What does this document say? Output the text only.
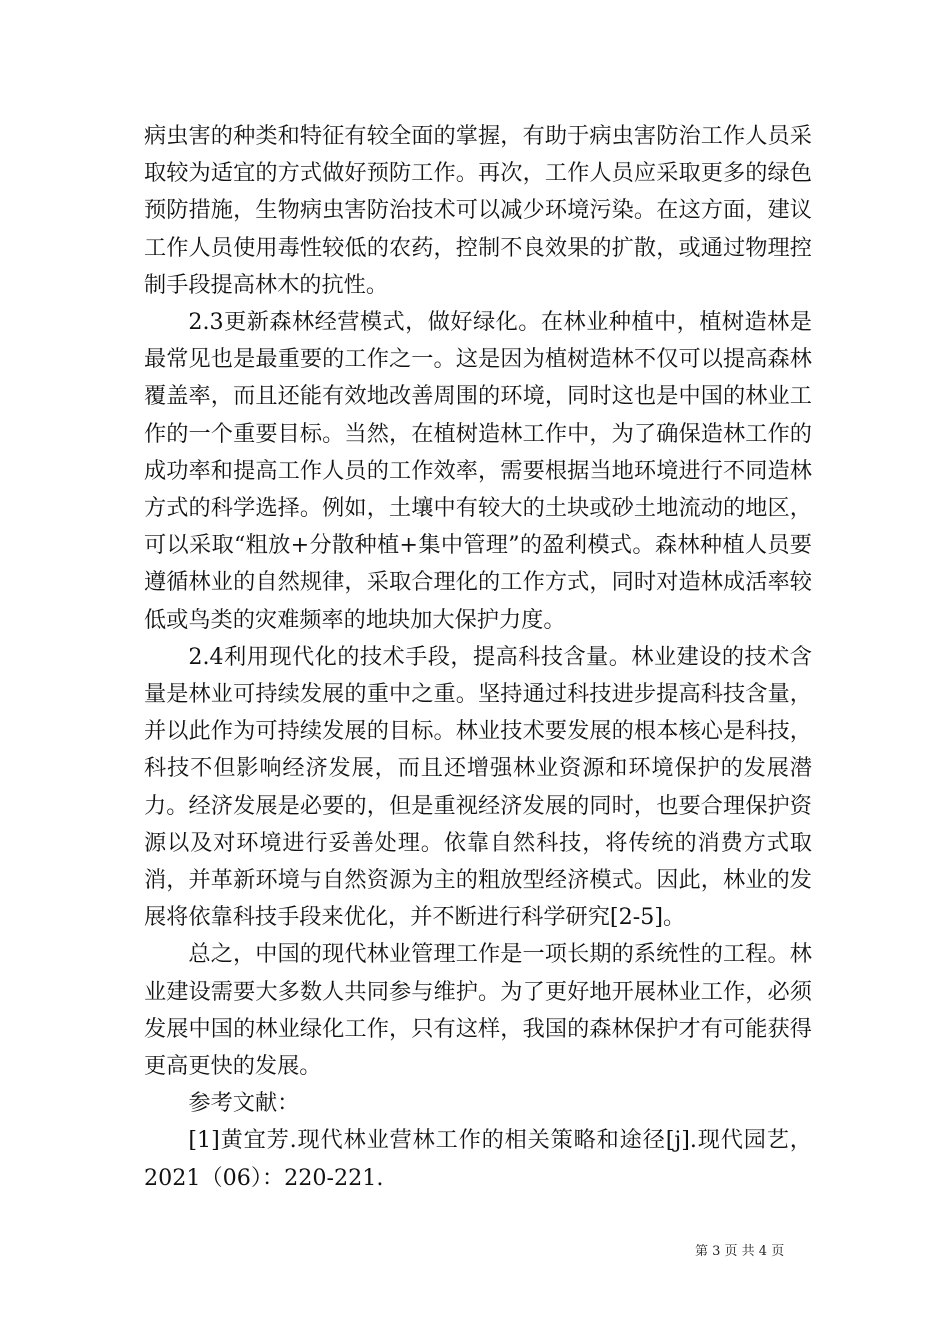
病虫害的种类和特征有较全面的掌握，有助于病虫害防治工作人员采取较为适宜的方式做好预防工作。再次，工作人员应采取更多的绿色预防措施，生物病虫害防治技术可以减少环境污染。在这方面，建议工作人员使用毒性较低的农药，控制不良效果的扩散，或通过物理控制手段提高林木的抗性。

2.3更新森林经营模式，做好绿化。在林业种植中，植树造林是最常见也是最重要的工作之一。这是因为植树造林不仅可以提高森林覆盖率，而且还能有效地改善周围的环境，同时这也是中国的林业工作的一个重要目标。当然，在植树造林工作中，为了确保造林工作的成功率和提高工作人员的工作效率，需要根据当地环境进行不同造林方式的科学选择。例如，土壤中有较大的土块或砂土地流动的地区，可以采取“粗放+分散种植+集中管理”的盈利模式。森林种植人员要遵循林业的自然规律，采取合理化的工作方式，同时对造林成活率较低或鸟类的灾难频率的地块加大保护力度。

2.4利用现代化的技术手段，提高科技含量。林业建设的技术含量是林业可持续发展的重中之重。坚持通过科技进步提高科技含量，并以此作为可持续发展的目标。林业技术要发展的根本核心是科技，科技不但影响经济发展，而且还增强林业资源和环境保护的发展潜力。经济发展是必要的，但是重视经济发展的同时，也要合理保护资源以及对环境进行妥善处理。依靠自然科技，将传统的消费方式取消，并革新环境与自然资源为主的粗放型经济模式。因此，林业的发展将依靠科技手段来优化，并不断进行科学研究[2-5]。

总之，中国的现代林业管理工作是一项长期的系统性的工程。林业建设需要大多数人共同参与维护。为了更好地开展林业工作，必须发展中国的林业绿化工作，只有这样，我国的森林保护才有可能获得更高更快的发展。

参考文献：

[1]黄宜芳.现代林业营林工作的相关策略和途径[j].现代园艺，2021（06）：220-221.

第 3 页 共 4 页
